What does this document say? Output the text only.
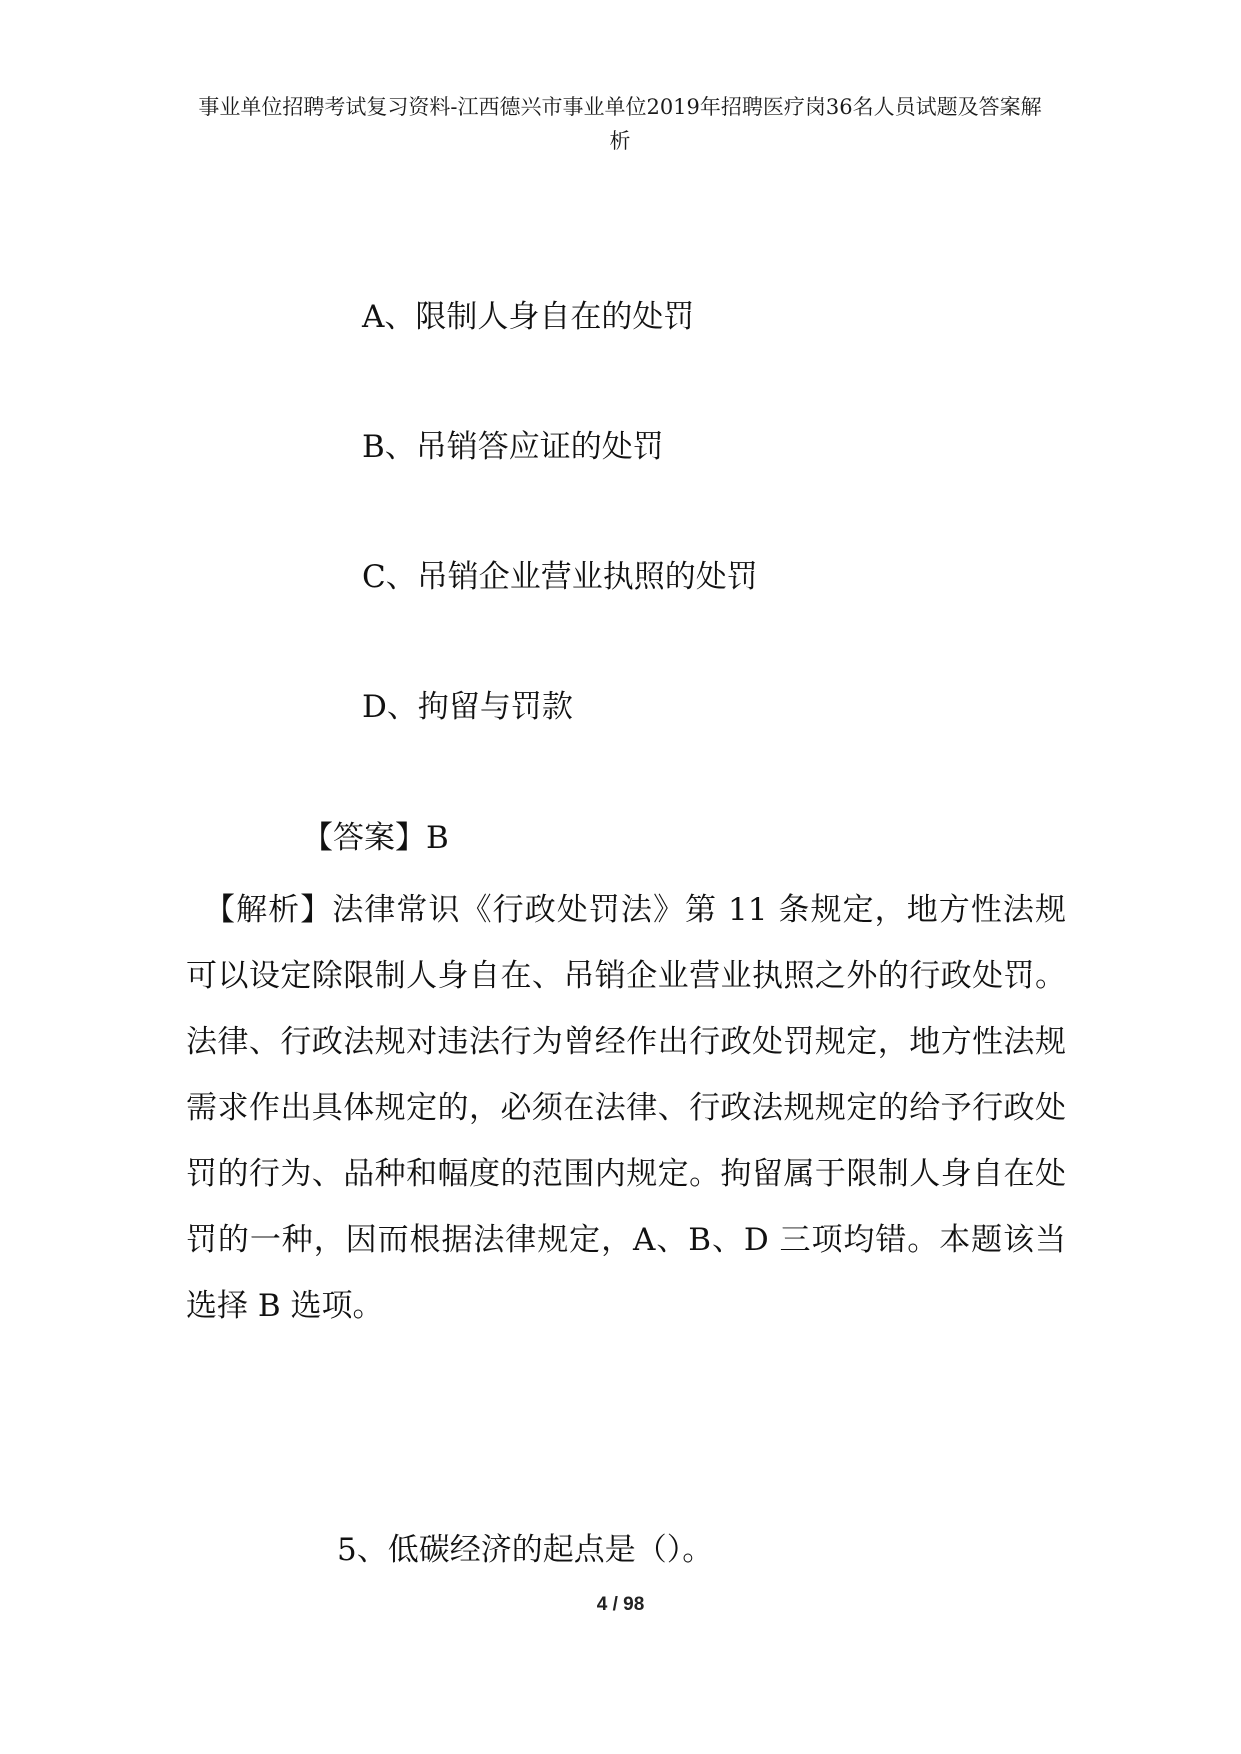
事业单位招聘考试复习资料-江西德兴市事业单位2019年招聘医疗岗36名人员试题及答案解
析
A、限制人身自在的处罚
B、吊销答应证的处罚
C、吊销企业营业执照的处罚
D、拘留与罚款
【答案】B
【解析】法律常识《行政处罚法》第 11 条规定，地方性法规
可以设定除限制人身自在、吊销企业营业执照之外的行政处罚。
法律、行政法规对违法行为曾经作出行政处罚规定，地方性法规
需求作出具体规定的，必须在法律、行政法规规定的给予行政处
罚的行为、品种和幅度的范围内规定。拘留属于限制人身自在处
罚的一种，因而根据法律规定，A、B、D 三项均错。本题该当
选择 B 选项。
5、低碳经济的起点是（）。
4 / 98
